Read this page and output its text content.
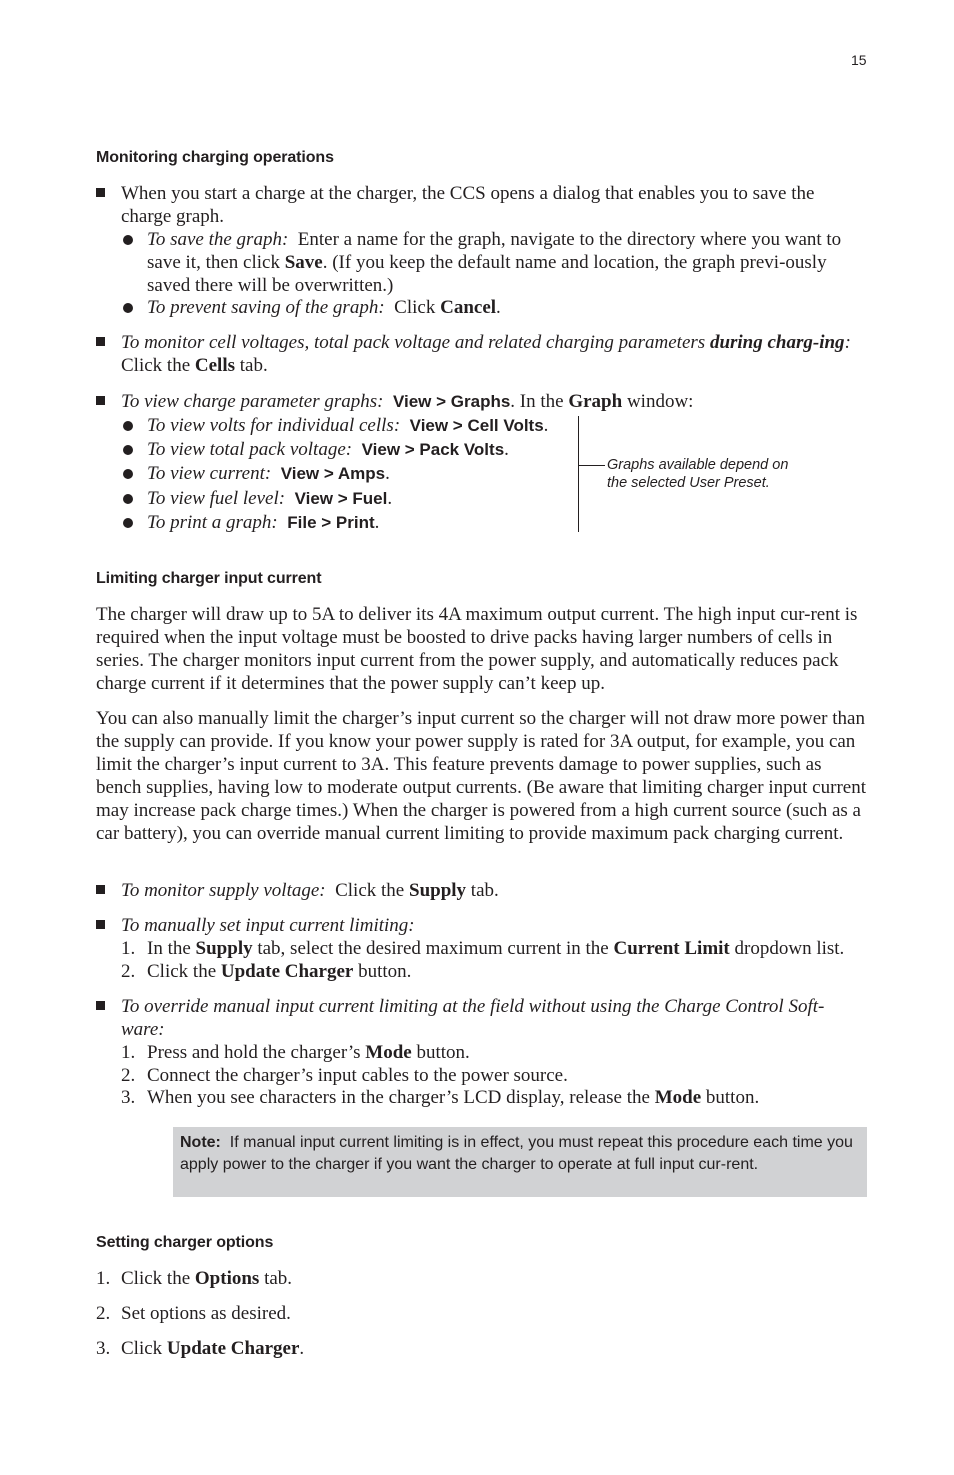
15
Monitoring charging operations
When you start a charge at the charger, the CCS opens a dialog that enables you to save the charge graph.
To save the graph: Enter a name for the graph, navigate to the directory where you want to save it, then click Save. (If you keep the default name and location, the graph previ-ously saved there will be overwritten.)
To prevent saving of the graph: Click Cancel.
To monitor cell voltages, total pack voltage and related charging parameters during charg-ing:  Click the Cells tab.
To view charge parameter graphs: View > Graphs. In the Graph window:
To view volts for individual cells: View > Cell Volts.
To view total pack voltage: View > Pack Volts.
To view current: View > Amps.
To view fuel level: View > Fuel.
To print a graph: File > Print.
Graphs available depend on
the selected User Preset.
Limiting charger input current
The charger will draw up to 5A to deliver its 4A maximum output current. The high input cur-rent is required when the input voltage must be boosted to drive packs having larger numbers of cells in series. The charger monitors input current from the power supply, and automatically reduces pack charge current if it determines that the power supply can’t keep up.
You can also manually limit the charger’s input current so the charger will not draw more power than the supply can provide. If you know your power supply is rated for 3A output, for example, you can limit the charger’s input current to 3A. This feature prevents damage to power supplies, such as bench supplies, having low to moderate output currents. (Be aware that limiting charger input current may increase pack charge times.) When the charger is powered from a high current source (such as a car battery), you can override manual current limiting to provide maximum pack charging current.
To monitor supply voltage: Click the Supply tab.
To manually set input current limiting:
1. In the Supply tab, select the desired maximum current in the Current Limit dropdown list.
2. Click the Update Charger button.
To override manual input current limiting at the field without using the Charge Control Soft-ware:
1. Press and hold the charger’s Mode button.
2. Connect the charger’s input cables to the power source.
3. When you see characters in the charger’s LCD display, release the Mode button.
Note: If manual input current limiting is in effect, you must repeat this procedure each time you apply power to the charger if you want the charger to operate at full input cur-rent.
Setting charger options
1. Click the Options tab.
2. Set options as desired.
3. Click Update Charger.
